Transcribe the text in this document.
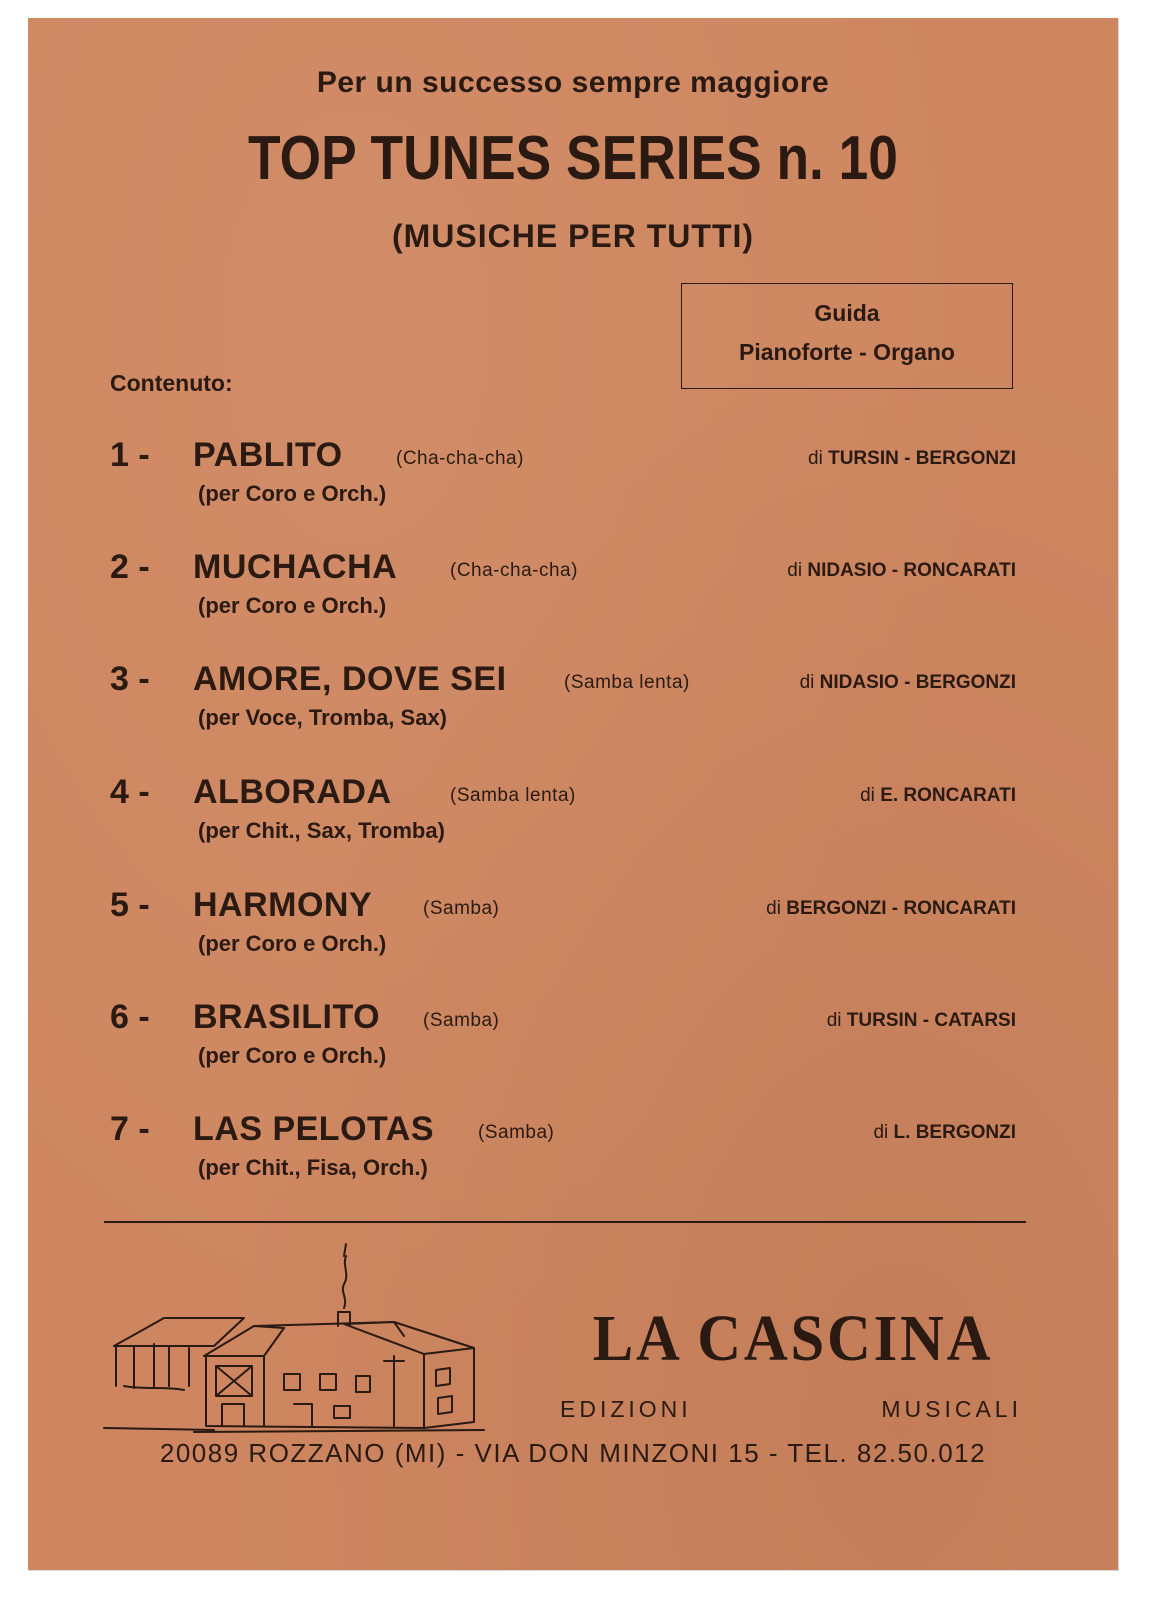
Per un successo sempre maggiore
TOP TUNES SERIES n. 10
(MUSICHE PER TUTTI)
Guida
Pianoforte - Organo
Contenuto:
1 - PABLITO	(Cha-cha-cha)	di TURSIN - BERGONZI
(per Coro e Orch.)
2 - MUCHACHA	(Cha-cha-cha)	di NIDASIO - RONCARATI
(per Coro e Orch.)
3 - AMORE, DOVE SEI	(Samba lenta)	di NIDASIO - BERGONZI
(per Voce, Tromba, Sax)
4 - ALBORADA	(Samba lenta)	di E. RONCARATI
(per Chit., Sax, Tromba)
5 - HARMONY	(Samba)	di BERGONZI - RONCARATI
(per Coro e Orch.)
6 - BRASILITO (Samba)	di TURSIN - CATARSI
(per Coro e Orch.)
7 - LAS PELOTAS (Samba)	di L. BERGONZI
(per Chit., Fisa, Orch.)
LA CASCINA
EDIZIONI	MUSICALI
20089 ROZZANO (MI) - VIA DON MINZONI 15 - TEL. 82.50.012
